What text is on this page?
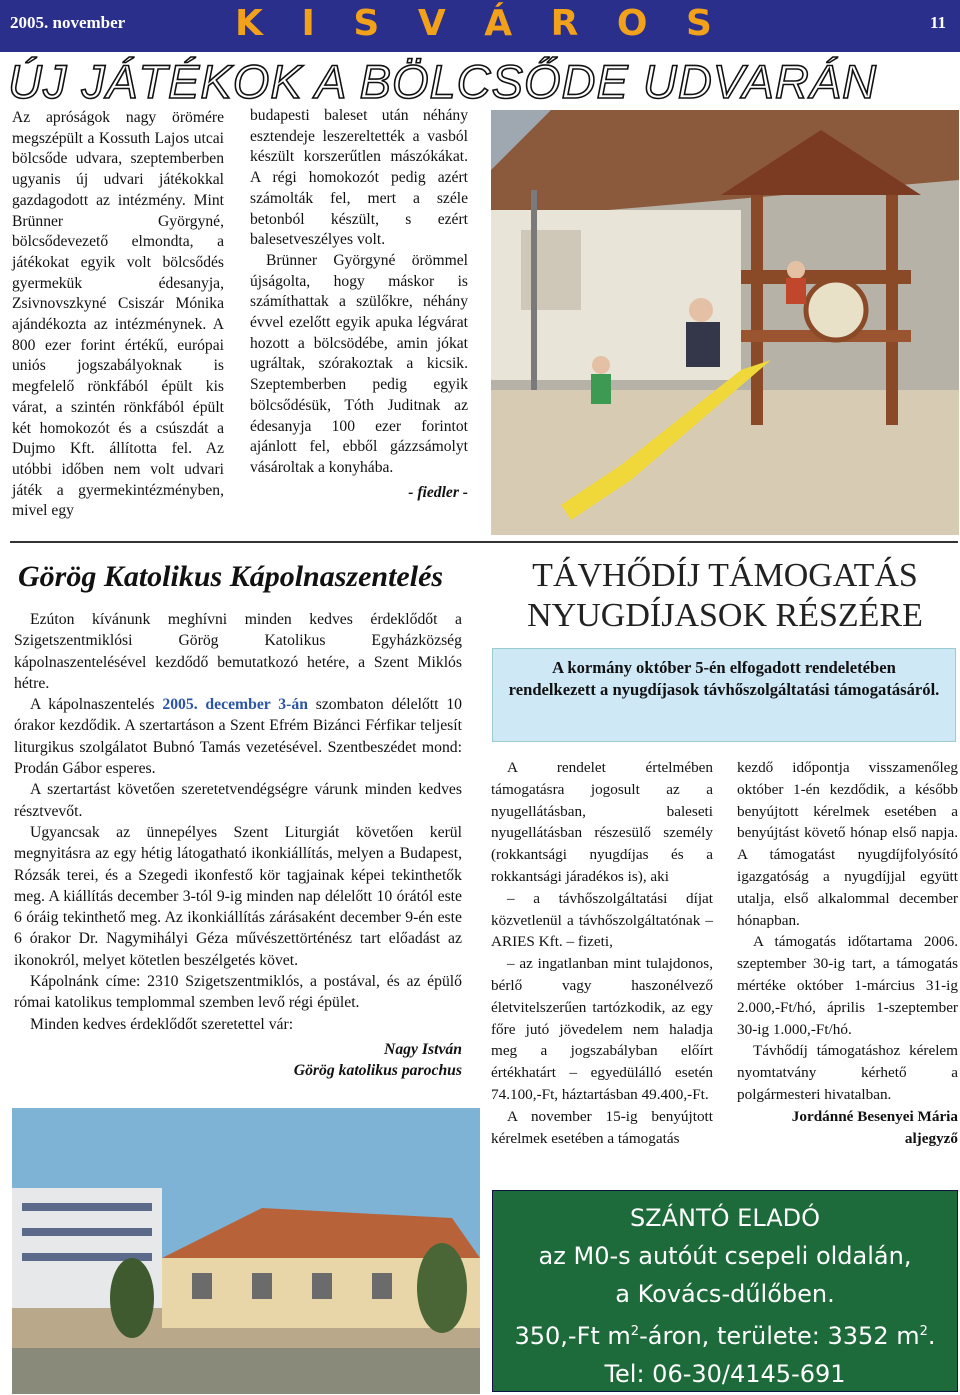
2005. november	K I S V Á R O S	11
ÚJ JÁTÉKOK A BÖLCSŐDE UDVARÁN

Az apróságok nagy örömére megszépült a Kossuth Lajos utcai bölcsőde udvara, szeptemberben ugyanis új udvari játékokkal gazdagodott az intézmény. Mint Brünner Györgyné, bölcsődevezető elmondta, a játékokat egyik volt bölcsődés gyermekük édesanyja, Zsivnovszkyné Csiszár Mónika ajándékozta az intézménynek. A 800 ezer forint értékű, európai uniós jogszabályoknak is megfelelő rönkfából épült kis várat, a szintén rönkfából épült két homokozót és a csúszdát a Dujmo Kft. állította fel. Az utóbbi időben nem volt udvari játék a gyermekintézményben, mivel egy

budapesti baleset után néhány esztendeje leszereltették a vasból készült korszerűtlen mászókákat. A régi homokozót pedig azért számolták fel, mert a széle betonból készült, s ezért balesetveszélyes volt.

Brünner Györgyné örömmel újságolta, hogy máskor is számíthattak a szülőkre, néhány évvel ezelőtt egyik apuka légvárat hozott a bölcsödébe, amin jókat ugráltak, szórakoztak a kicsik. Szeptemberben pedig egyik bölcsődésük, Tóth Juditnak az édesanyja 100 ezer forintot ajánlott fel, ebből gázzsámolyt vásároltak a konyhába.

- fiedler -

Görög Katolikus Kápolnaszentelés

Ezúton kívánunk meghívni minden kedves érdeklődőt a Szigetszentmiklósi Görög Katolikus Egyházközség kápolnaszentelésével kezdődő bemutatkozó hetére, a Szent Miklós hétre.

A kápolnaszentelés 2005. december 3-án szombaton délelőtt 10 órakor kezdődik. A szertartáson a Szent Efrém Bizánci Férfikar teljesít liturgikus szolgálatot Bubnó Tamás vezetésével. Szentbeszédet mond: Prodán Gábor esperes.

A szertartást követően szeretetvendégségre várunk minden kedves résztvevőt.

Ugyancsak az ünnepélyes Szent Liturgiát követően kerül megnyitásra az egy hétig látogatható ikonkiállítás, melyen a Budapest, Rózsák terei, és a Szegedi ikonfestő kör tagjainak képei tekinthetők meg. A kiállítás december 3-tól 9-ig minden nap délelőtt 10 órától este 6 óráig tekinthető meg. Az ikonkiállítás zárásaként december 9-én este 6 órakor Dr. Nagymihályi Géza művészettörténész tart előadást az ikonokról, melyet kötetlen beszélgetés követ.

Kápolnánk címe: 2310 Szigetszentmiklós, a postával, és az épülő római katolikus templommal szemben levő régi épület.

Minden kedves érdeklődőt szeretettel vár:

Nagy István

Görög katolikus parochus

TÁVHŐDÍJ TÁMOGATÁS
NYUGDÍJASOK RÉSZÉRE
A kormány október 5-én elfogadott rendeletében rendelkezett a nyugdíjasok távhőszolgáltatási támogatásáról.

A rendelet értelmében támogatásra jogosult az a nyugellátásban, baleseti nyugellátásban részesülő személy (rokkantsági nyugdíjas és a rokkantsági járadékos is), aki

– a távhőszolgáltatási díjat közvetlenül a távhőszolgáltatónak – ARIES Kft. – fizeti,

– az ingatlanban mint tulajdonos, bérlő vagy haszonélvező életvitelszerűen tartózkodik, az egy főre jutó jövedelem nem haladja meg a jogszabályban előírt értékhatárt – egyedülálló esetén 74.100,-Ft, háztartásban 49.400,-Ft.

A november 15-ig benyújtott kérelmek esetében a támogatás

kezdő időpontja visszamenőleg október 1-én kezdődik, a később benyújtott kérelmek esetében a benyújtást követő hónap első napja. A támogatást nyugdíjfolyósító igazgatóság a nyugdíjjal együtt utalja, első alkalommal december hónapban.

A támogatás időtartama 2006. szeptember 30-ig tart, a támogatás mértéke október 1-március 31-ig 2.000,-Ft/hó, április 1-szeptember 30-ig 1.000,-Ft/hó.

Távhődíj támogatáshoz kérelem nyomtatvány kérhető a polgármesteri hivatalban.

Jordánné Besenyei Mária

aljegyző

SZÁNTÓ ELADÓ
az M0-s autóút csepeli oldalán,
a Kovács-dűlőben.
350,-Ft $m^2$-áron, területe: 3352 $m^2$.
Tel: 06-30/4145-691
